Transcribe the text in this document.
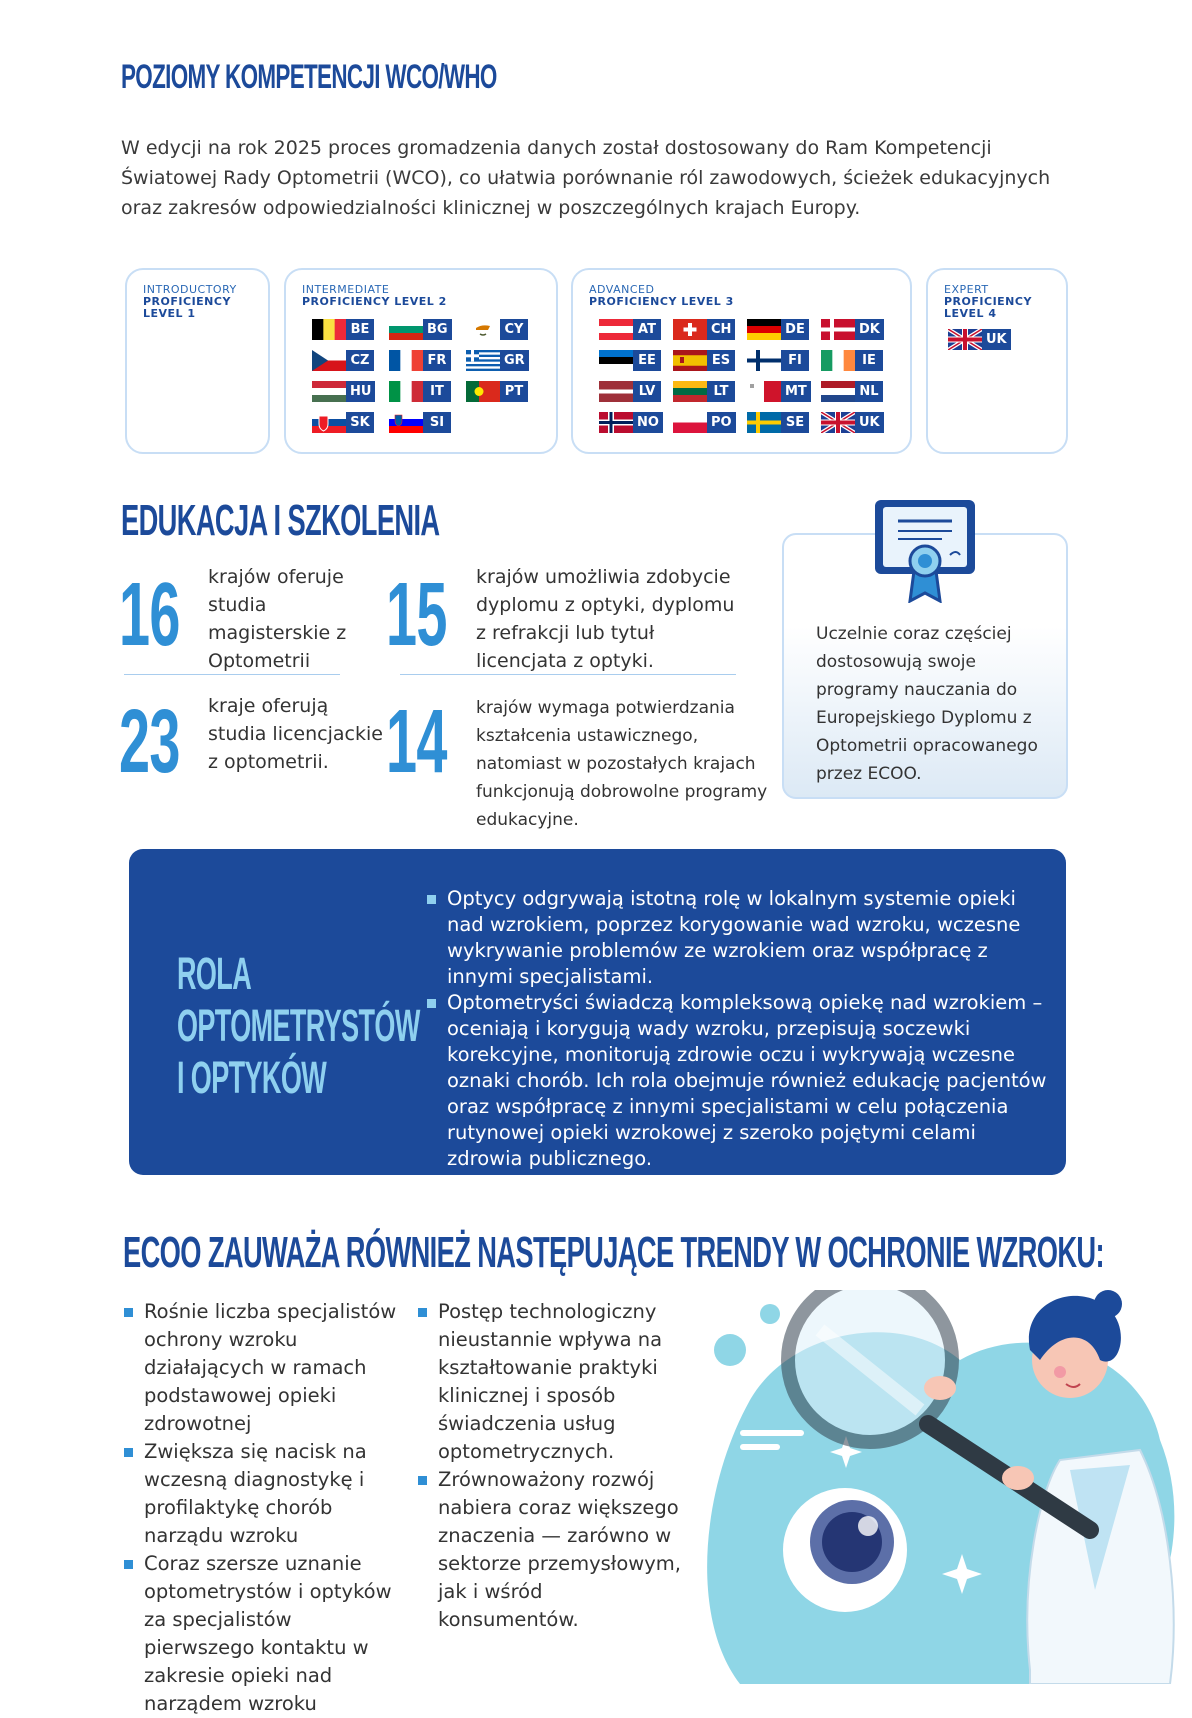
POZIOMY KOMPETENCJI WCO/WHO
W edycji na rok 2025 proces gromadzenia danych został dostosowany do Ram Kompetencji Światowej Rady Optometrii (WCO), co ułatwia porównanie ról zawodowych, ścieżek edukacyjnych oraz zakresów odpowiedzialności klinicznej w poszczególnych krajach Europy.
INTRODUCTORY
PROFICIENCY LEVEL 1
INTERMEDIATE
PROFICIENCY LEVEL 2
BE	BG	CY
CZ	FR	GR
HU	IT	PT
SK	SI
ADVANCED
PROFICIENCY LEVEL 3
AT	CH	DE	DK
EE	ES	FI	IE
LV	LT	MT	NL
NO	PO	SE	UK
EXPERT
PROFICIENCY LEVEL 4
UK
EDUKACJA I SZKOLENIA
16 krajów oferuje studia magisterskie z Optometrii 15 krajów umożliwia zdobycie dyplomu z optyki, dyplomu z refrakcji lub tytuł licencjata z optyki.
23 kraje oferują studia licencjackie z optometrii. 14 krajów wymaga potwierdzania kształcenia ustawicznego, natomiast w pozostałych krajach funkcjonują dobrowolne programy edukacyjne.
Uczelnie coraz częściej dostosowują swoje programy nauczania do Europejskiego Dyplomu z Optometrii opracowanego przez ECOO.
ROLA
OPTOMETRYSTÓW
I OPTYKÓW
Optycy odgrywają istotną rolę w lokalnym systemie opieki nad wzrokiem, poprzez korygowanie wad wzroku, wczesne wykrywanie problemów ze wzrokiem oraz współpracę z innymi specjalistami.
Optometryści świadczą kompleksową opiekę nad wzrokiem – oceniają i korygują wady wzroku, przepisują soczewki korekcyjne, monitorują zdrowie oczu i wykrywają wczesne oznaki chorób. Ich rola obejmuje również edukację pacjentów oraz współpracę z innymi specjalistami w celu połączenia rutynowej opieki wzrokowej z szeroko pojętymi celami zdrowia publicznego.
ECOO ZAUWAŻA RÓWNIEŻ NASTĘPUJĄCE TRENDY W OCHRONIE WZROKU:
Rośnie liczba specjalistów ochrony wzroku działających w ramach podstawowej opieki zdrowotnej
Zwiększa się nacisk na wczesną diagnostykę i profilaktykę chorób narządu wzroku
Coraz szersze uznanie optometrystów i optyków za specjalistów pierwszego kontaktu w zakresie opieki nad narządem wzroku
Postęp technologiczny nieustannie wpływa na kształtowanie praktyki klinicznej i sposób świadczenia usług optometrycznych.
Zrównoważony rozwój nabiera coraz większego znaczenia — zarówno w sektorze przemysłowym, jak i wśród konsumentów.
